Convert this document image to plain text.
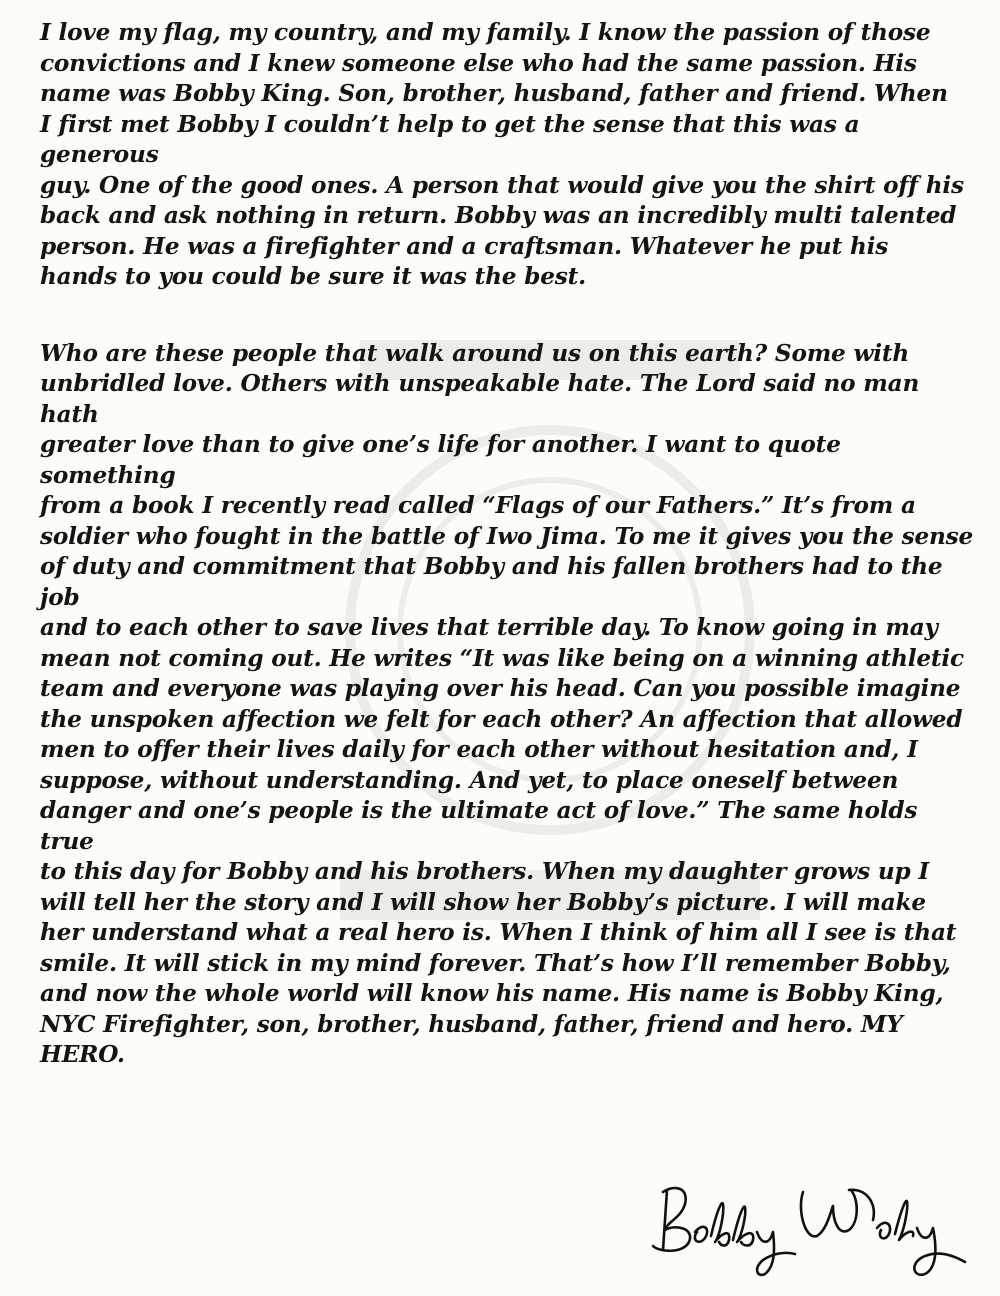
I love my flag, my country, and my family. I know the passion of those
convictions and I knew someone else who had the same passion. His
name was Bobby King. Son, brother, husband, father and friend. When
I first met Bobby I couldn’t help to get the sense that this was a generous
guy. One of the good ones. A person that would give you the shirt off his
back and ask nothing in return. Bobby was an incredibly multi talented
person. He was a firefighter and a craftsman. Whatever he put his
hands to you could be sure it was the best.

Who are these people that walk around us on this earth? Some with
unbridled love. Others with unspeakable hate. The Lord said no man hath
greater love than to give one’s life for another. I want to quote something
from a book I recently read called “Flags of our Fathers.” It’s from a
soldier who fought in the battle of Iwo Jima. To me it gives you the sense
of duty and commitment that Bobby and his fallen brothers had to the job
and to each other to save lives that terrible day. To know going in may
mean not coming out. He writes “It was like being on a winning athletic
team and everyone was playing over his head. Can you possible imagine
the unspoken affection we felt for each other? An affection that allowed
men to offer their lives daily for each other without hesitation and, I
suppose, without understanding. And yet, to place oneself between
danger and one’s people is the ultimate act of love.” The same holds true
to this day for Bobby and his brothers. When my daughter grows up I
will tell her the story and I will show her Bobby’s picture. I will make
her understand what a real hero is. When I think of him all I see is that
smile. It will stick in my mind forever. That’s how I’ll remember Bobby,
and now the whole world will know his name. His name is Bobby King,
NYC Firefighter, son, brother, husband, father, friend and hero. MY
HERO.
